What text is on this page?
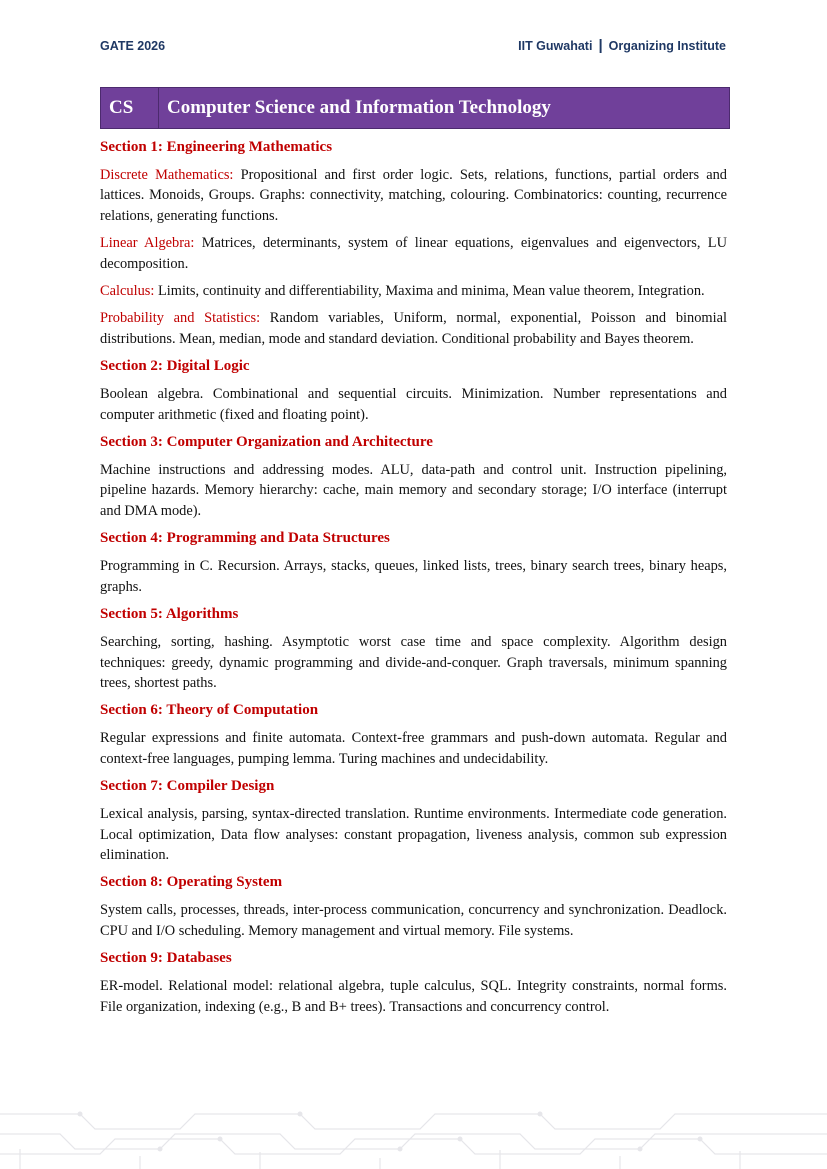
GATE 2026	IIT Guwahati | Organizing Institute
CS	Computer Science and Information Technology
Section 1: Engineering Mathematics
Discrete Mathematics: Propositional and first order logic. Sets, relations, functions, partial orders and lattices. Monoids, Groups. Graphs: connectivity, matching, colouring. Combinatorics: counting, recurrence relations, generating functions.
Linear Algebra: Matrices, determinants, system of linear equations, eigenvalues and eigenvectors, LU decomposition.
Calculus: Limits, continuity and differentiability, Maxima and minima, Mean value theorem, Integration.
Probability and Statistics: Random variables, Uniform, normal, exponential, Poisson and binomial distributions. Mean, median, mode and standard deviation. Conditional probability and Bayes theorem.
Section 2: Digital Logic
Boolean algebra. Combinational and sequential circuits. Minimization. Number representations and computer arithmetic (fixed and floating point).
Section 3: Computer Organization and Architecture
Machine instructions and addressing modes. ALU, data-path and control unit. Instruction pipelining, pipeline hazards. Memory hierarchy: cache, main memory and secondary storage; I/O interface (interrupt and DMA mode).
Section 4: Programming and Data Structures
Programming in C. Recursion. Arrays, stacks, queues, linked lists, trees, binary search trees, binary heaps, graphs.
Section 5: Algorithms
Searching, sorting, hashing. Asymptotic worst case time and space complexity. Algorithm design techniques: greedy, dynamic programming and divide-and-conquer. Graph traversals, minimum spanning trees, shortest paths.
Section 6: Theory of Computation
Regular expressions and finite automata. Context-free grammars and push-down automata. Regular and context-free languages, pumping lemma. Turing machines and undecidability.
Section 7: Compiler Design
Lexical analysis, parsing, syntax-directed translation. Runtime environments. Intermediate code generation. Local optimization, Data flow analyses: constant propagation, liveness analysis, common sub expression elimination.
Section 8: Operating System
System calls, processes, threads, inter-process communication, concurrency and synchronization. Deadlock. CPU and I/O scheduling. Memory management and virtual memory. File systems.
Section 9: Databases
ER-model. Relational model: relational algebra, tuple calculus, SQL. Integrity constraints, normal forms. File organization, indexing (e.g., B and B+ trees). Transactions and concurrency control.
